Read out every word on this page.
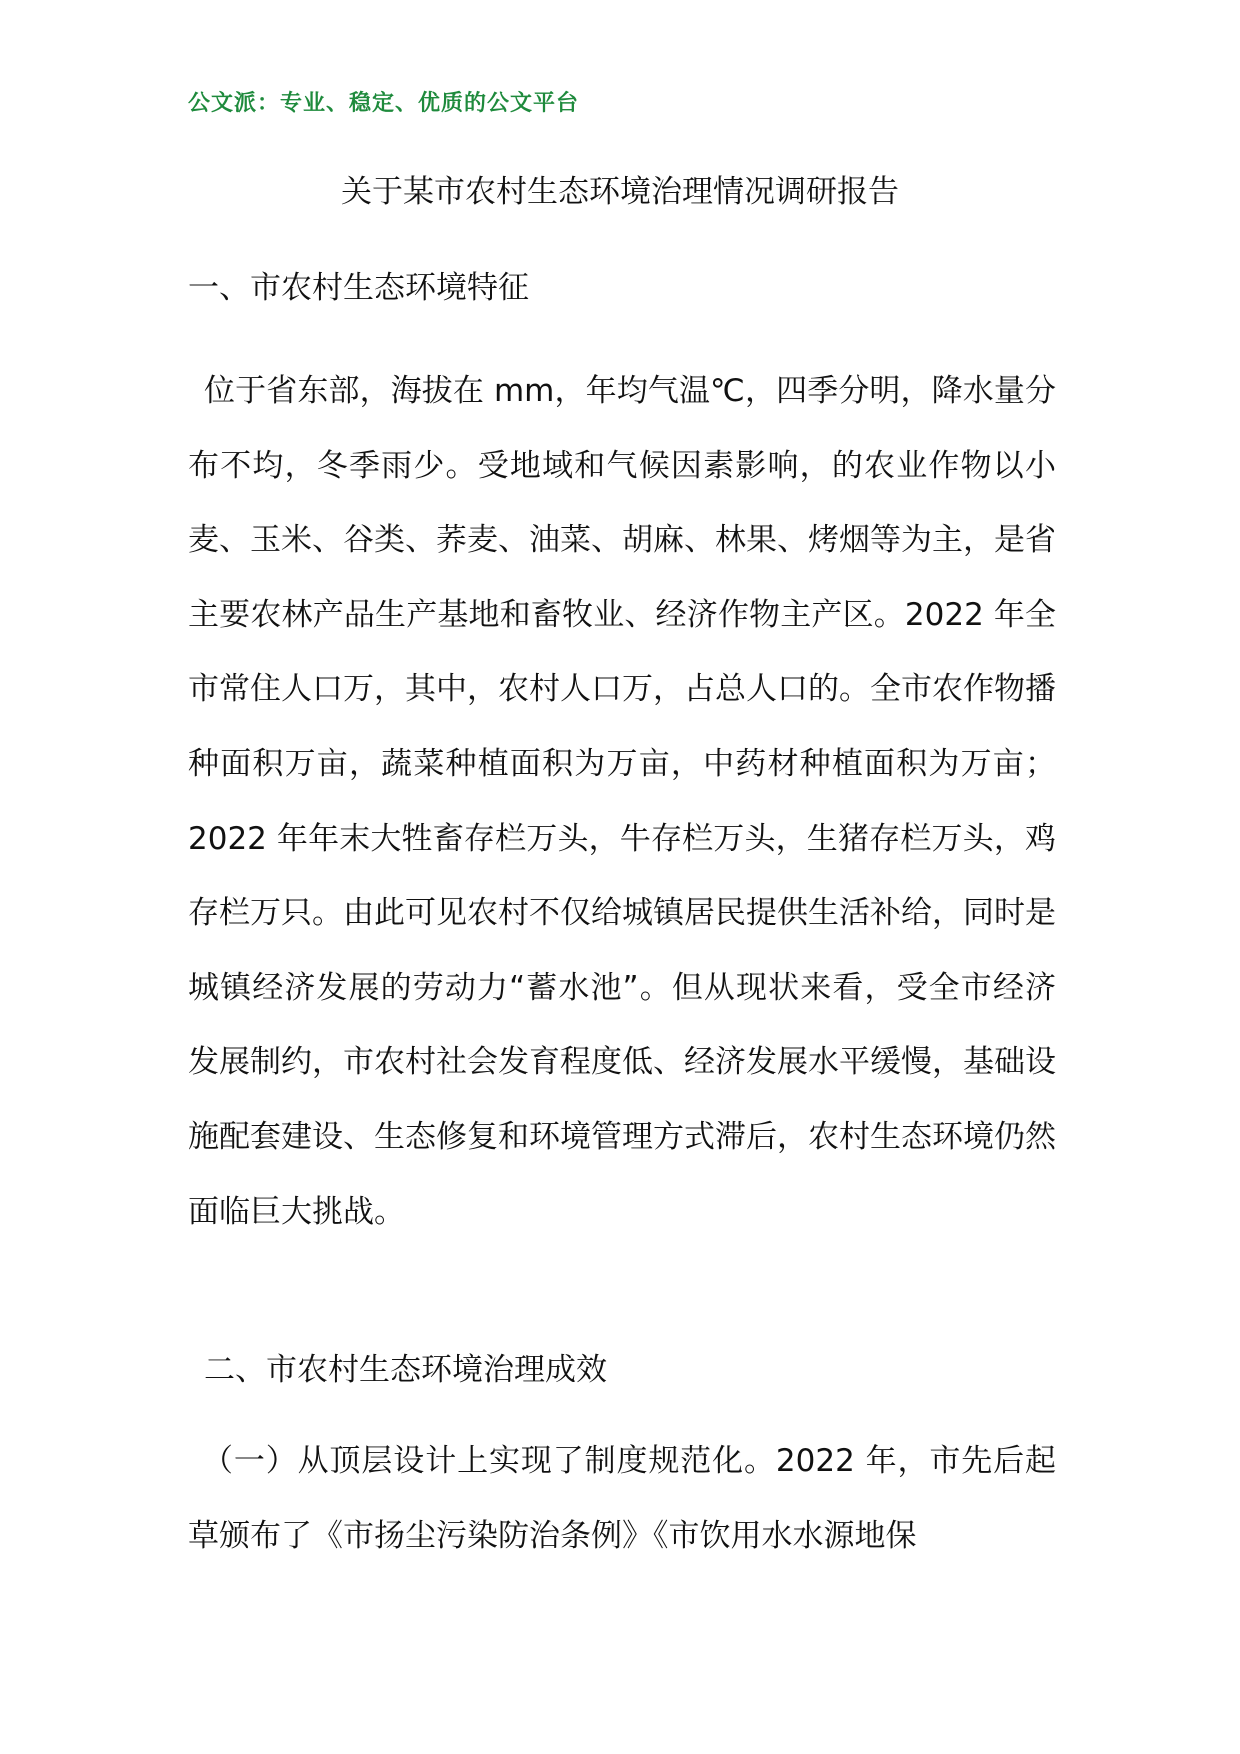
公文派：专业、稳定、优质的公文平台
关于某市农村生态环境治理情况调研报告
一、市农村生态环境特征
位于省东部，海拔在 mm，年均气温℃，四季分明，降水量分布不均，冬季雨少。受地域和气候因素影响，的农业作物以小麦、玉米、谷类、荞麦、油菜、胡麻、林果、烤烟等为主，是省主要农林产品生产基地和畜牧业、经济作物主产区。2022 年全市常住人口万，其中，农村人口万，占总人口的。全市农作物播种面积万亩，蔬菜种植面积为万亩，中药材种植面积为万亩；2022 年年末大牲畜存栏万头，牛存栏万头，生猪存栏万头，鸡存栏万只。由此可见农村不仅给城镇居民提供生活补给，同时是城镇经济发展的劳动力“蓄水池”。但从现状来看，受全市经济发展制约，市农村社会发育程度低、经济发展水平缓慢，基础设施配套建设、生态修复和环境管理方式滞后，农村生态环境仍然面临巨大挑战。
二、市农村生态环境治理成效
（一）从顶层设计上实现了制度规范化。2022 年，市先后起草颁布了《市扬尘污染防治条例》《市饮用水水源地保
